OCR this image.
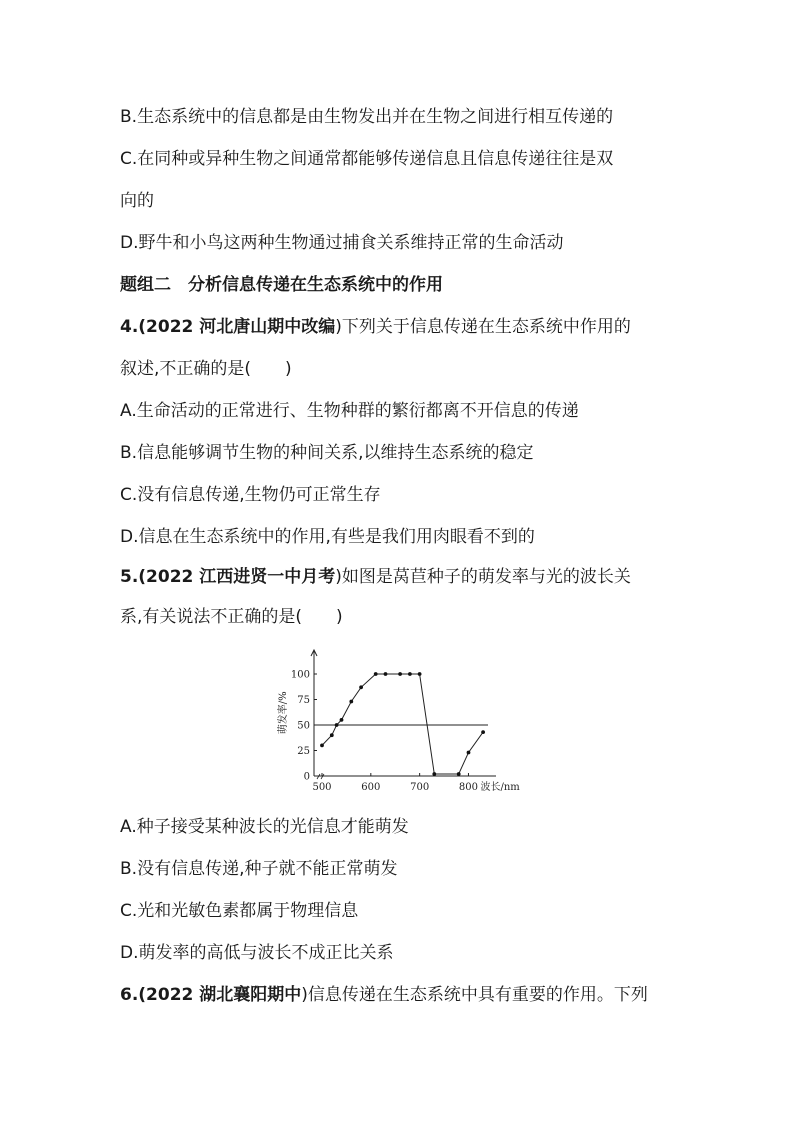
B.生态系统中的信息都是由生物发出并在生物之间进行相互传递的
C.在同种或异种生物之间通常都能够传递信息且信息传递往往是双
向的
D.野牛和小鸟这两种生物通过捕食关系维持正常的生命活动
题组二　分析信息传递在生态系统中的作用
4.(2022 河北唐山期中改编)下列关于信息传递在生态系统中作用的
叙述,不正确的是( )
A.生命活动的正常进行、生物种群的繁衍都离不开信息的传递
B.信息能够调节生物的种间关系,以维持生态系统的稳定
C.没有信息传递,生物仍可正常生存
D.信息在生态系统中的作用,有些是我们用肉眼看不到的
5.(2022 江西进贤一中月考)如图是莴苣种子的萌发率与光的波长关
系,有关说法不正确的是( )
0
25
50
75
100
500	600	700	800 波长/nm
萌发率/%
A.种子接受某种波长的光信息才能萌发
B.没有信息传递,种子就不能正常萌发
C.光和光敏色素都属于物理信息
D.萌发率的高低与波长不成正比关系
6.(2022 湖北襄阳期中)信息传递在生态系统中具有重要的作用。下列
